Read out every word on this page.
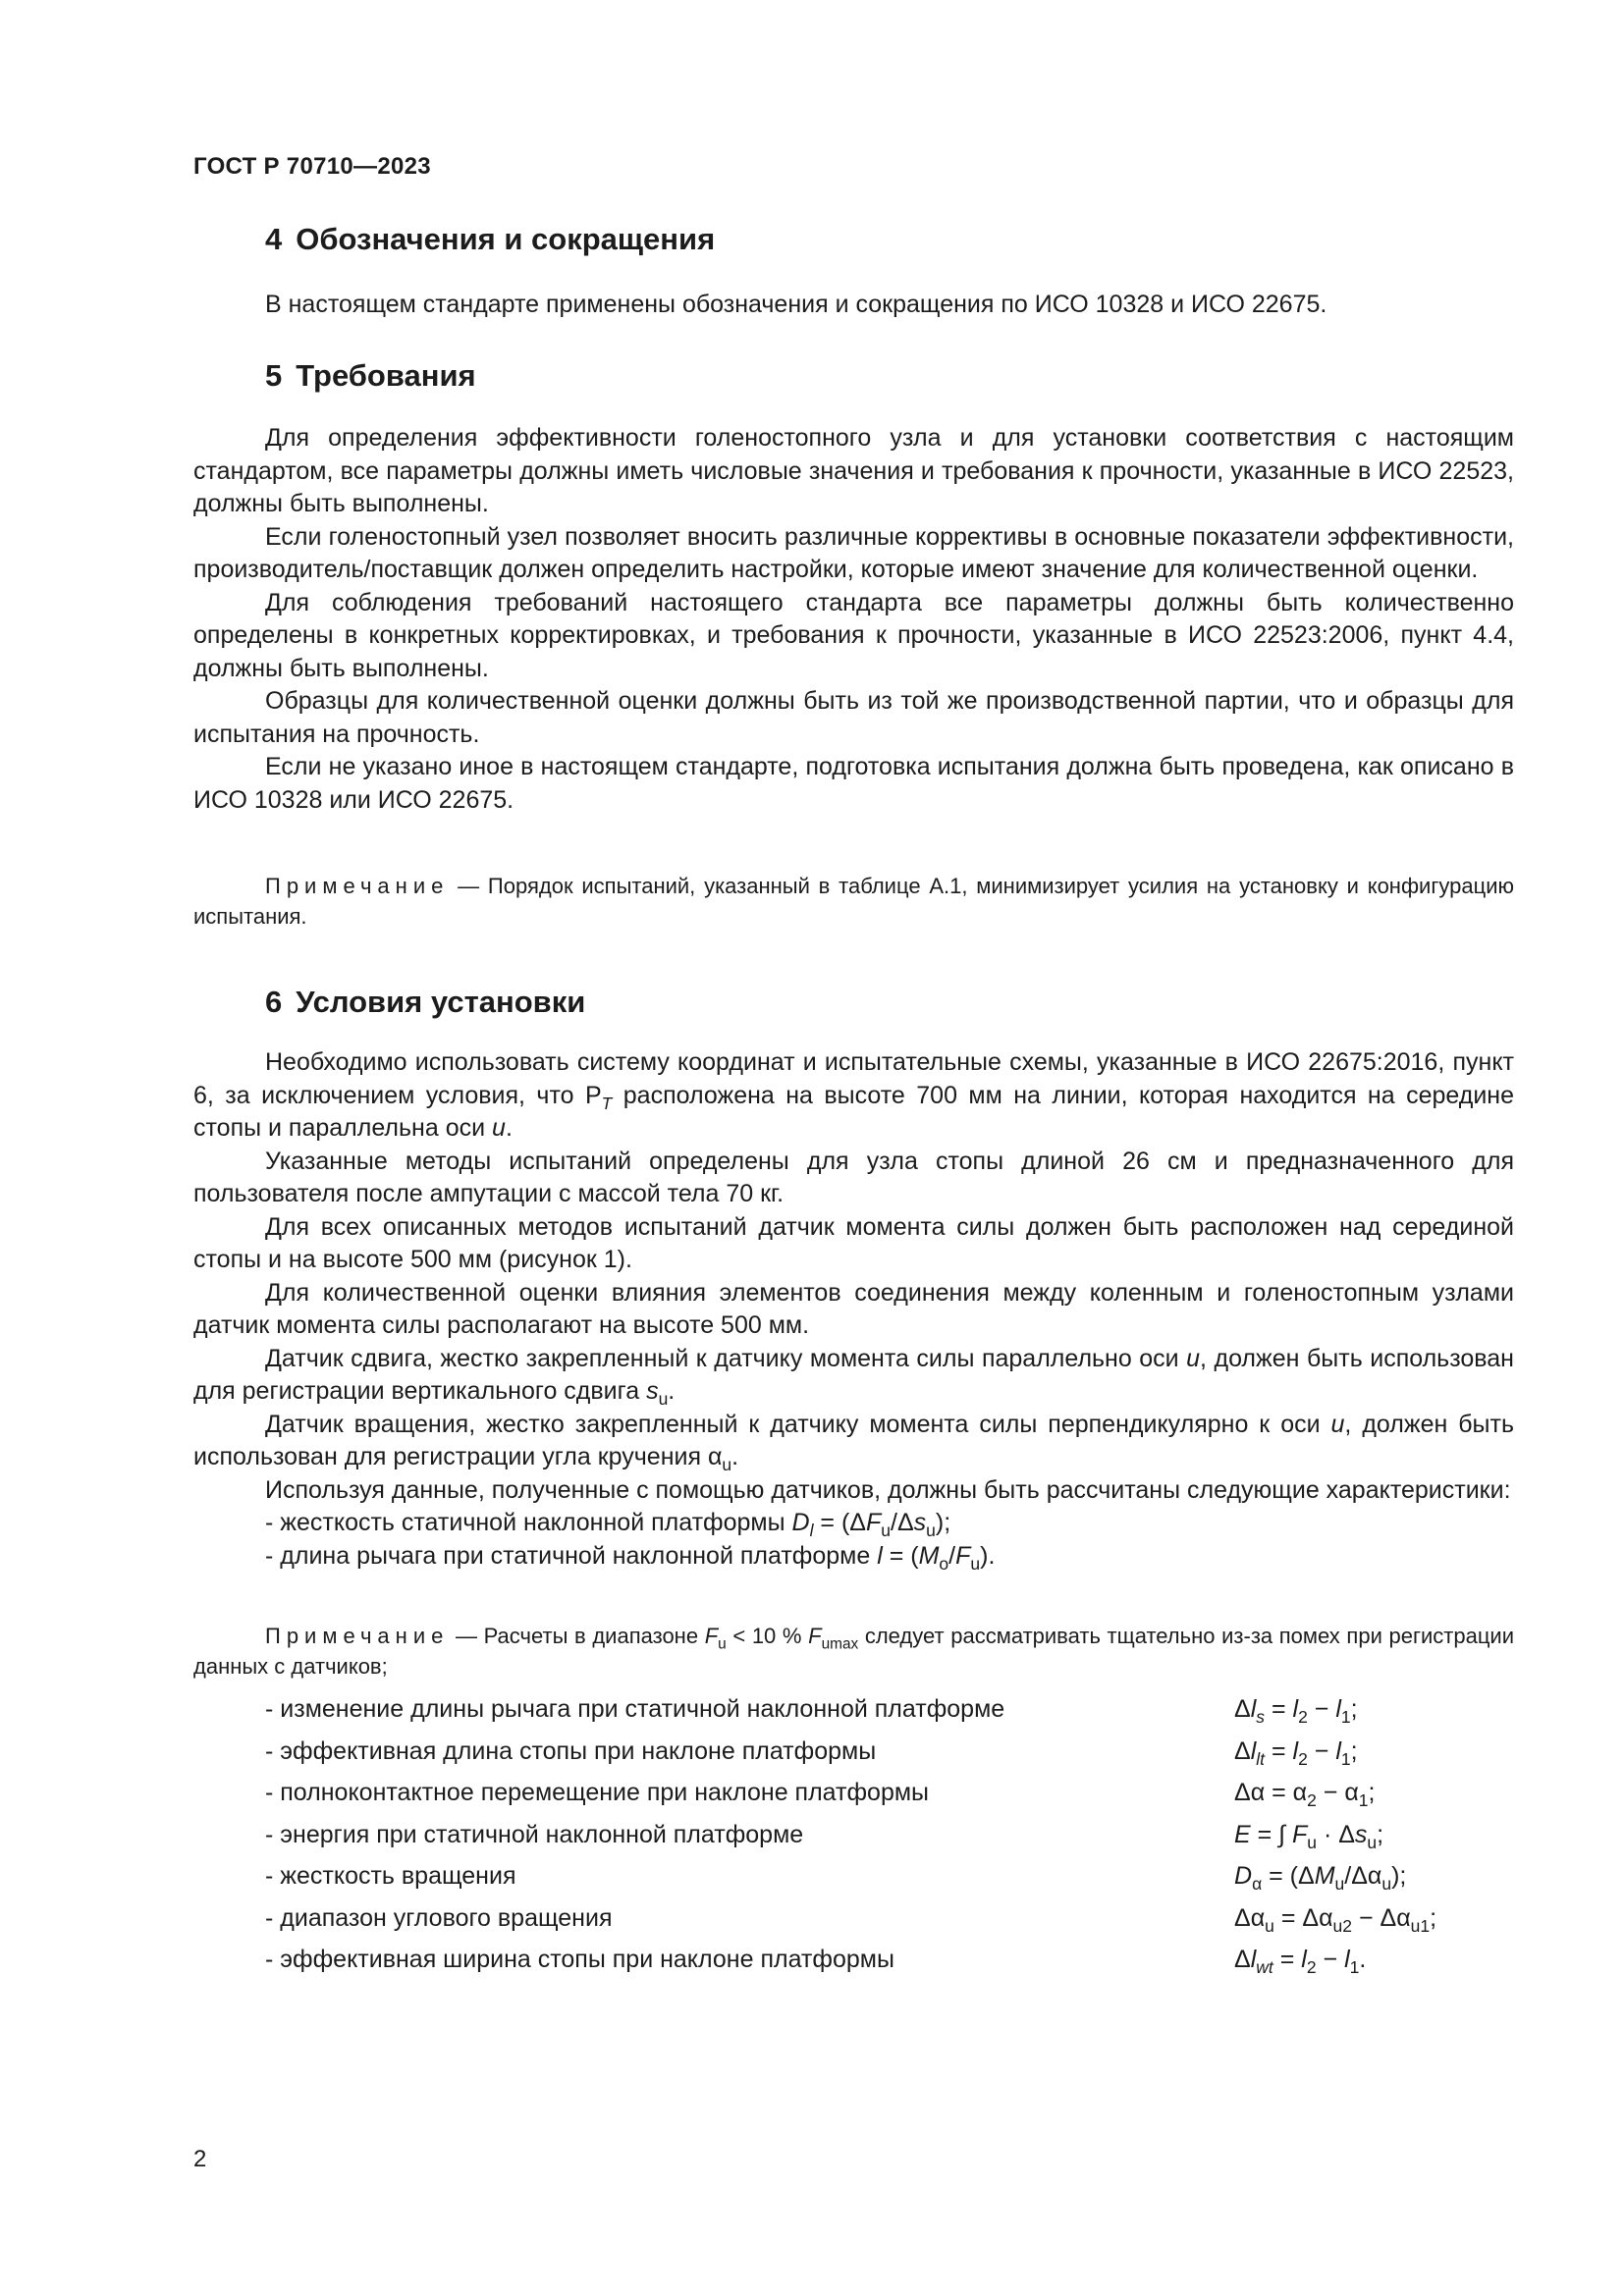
ГОСТ Р 70710—2023
4 Обозначения и сокращения

В настоящем стандарте применены обозначения и сокращения по ИСО 10328 и ИСО 22675.

5 Требования

Для определения эффективности голеностопного узла и для установки соответствия с настоящим стандартом, все параметры должны иметь числовые значения и требования к прочности, указанные в ИСО 22523, должны быть выполнены.

Если голеностопный узел позволяет вносить различные коррективы в основные показатели эффективности, производитель/поставщик должен определить настройки, которые имеют значение для количественной оценки.

Для соблюдения требований настоящего стандарта все параметры должны быть количественно определены в конкретных корректировках, и требования к прочности, указанные в ИСО 22523:2006, пункт 4.4, должны быть выполнены.

Образцы для количественной оценки должны быть из той же производственной партии, что и образцы для испытания на прочность.

Если не указано иное в настоящем стандарте, подготовка испытания должна быть проведена, как описано в ИСО 10328 или ИСО 22675.

Примечание — Порядок испытаний, указанный в таблице А.1, минимизирует усилия на установку и конфигурацию испытания.

6 Условия установки

Необходимо использовать систему координат и испытательные схемы, указанные в ИСО 22675:2016, пункт 6, за исключением условия, что $P_T$ расположена на высоте 700 мм на линии, которая находится на середине стопы и параллельна оси u.

Указанные методы испытаний определены для узла стопы длиной 26 см и предназначенного для пользователя после ампутации с массой тела 70 кг.

Для всех описанных методов испытаний датчик момента силы должен быть расположен над серединой стопы и на высоте 500 мм (рисунок 1).

Для количественной оценки влияния элементов соединения между коленным и голеностопным узлами датчик момента силы располагают на высоте 500 мм.

Датчик сдвига, жестко закрепленный к датчику момента силы параллельно оси u, должен быть использован для регистрации вертикального сдвига $s_u$.

Датчик вращения, жестко закрепленный к датчику момента силы перпендикулярно к оси u, должен быть использован для регистрации угла кручения $\alpha_u$.

Используя данные, полученные с помощью датчиков, должны быть рассчитаны следующие характеристики:

- жесткость статичной наклонной платформы $D_l = (\Delta F_u/\Delta s_u)$;

- длина рычага при статичной наклонной платформе $l = (M_o/F_u)$.

Примечание — Расчеты в диапазоне $F_u < 10$ % $F_{umax}$ следует рассматривать тщательно из-за помех при регистрации данных с датчиков;

- изменение длины рычага при статичной наклонной платформе	$\Delta l_s = l_2 - l_1$;
- эффективная длина стопы при наклоне платформы	$\Delta l_{lt} = l_2 - l_1$;
- полноконтактное перемещение при наклоне платформы	$\Delta\alpha = \alpha_2 - \alpha_1$;
- энергия при статичной наклонной платформе	E = ∫ $F_u \cdot \Delta s_u$;
- жесткость вращения	$D_\alpha = (\Delta M_u/\Delta\alpha_u)$;
- диапазон углового вращения	$\Delta\alpha_u = \Delta\alpha_{u2} - \Delta\alpha_{u1}$;
- эффективная ширина стопы при наклоне платформы	$\Delta l_{wt} = l_2 - l_1$.
2
